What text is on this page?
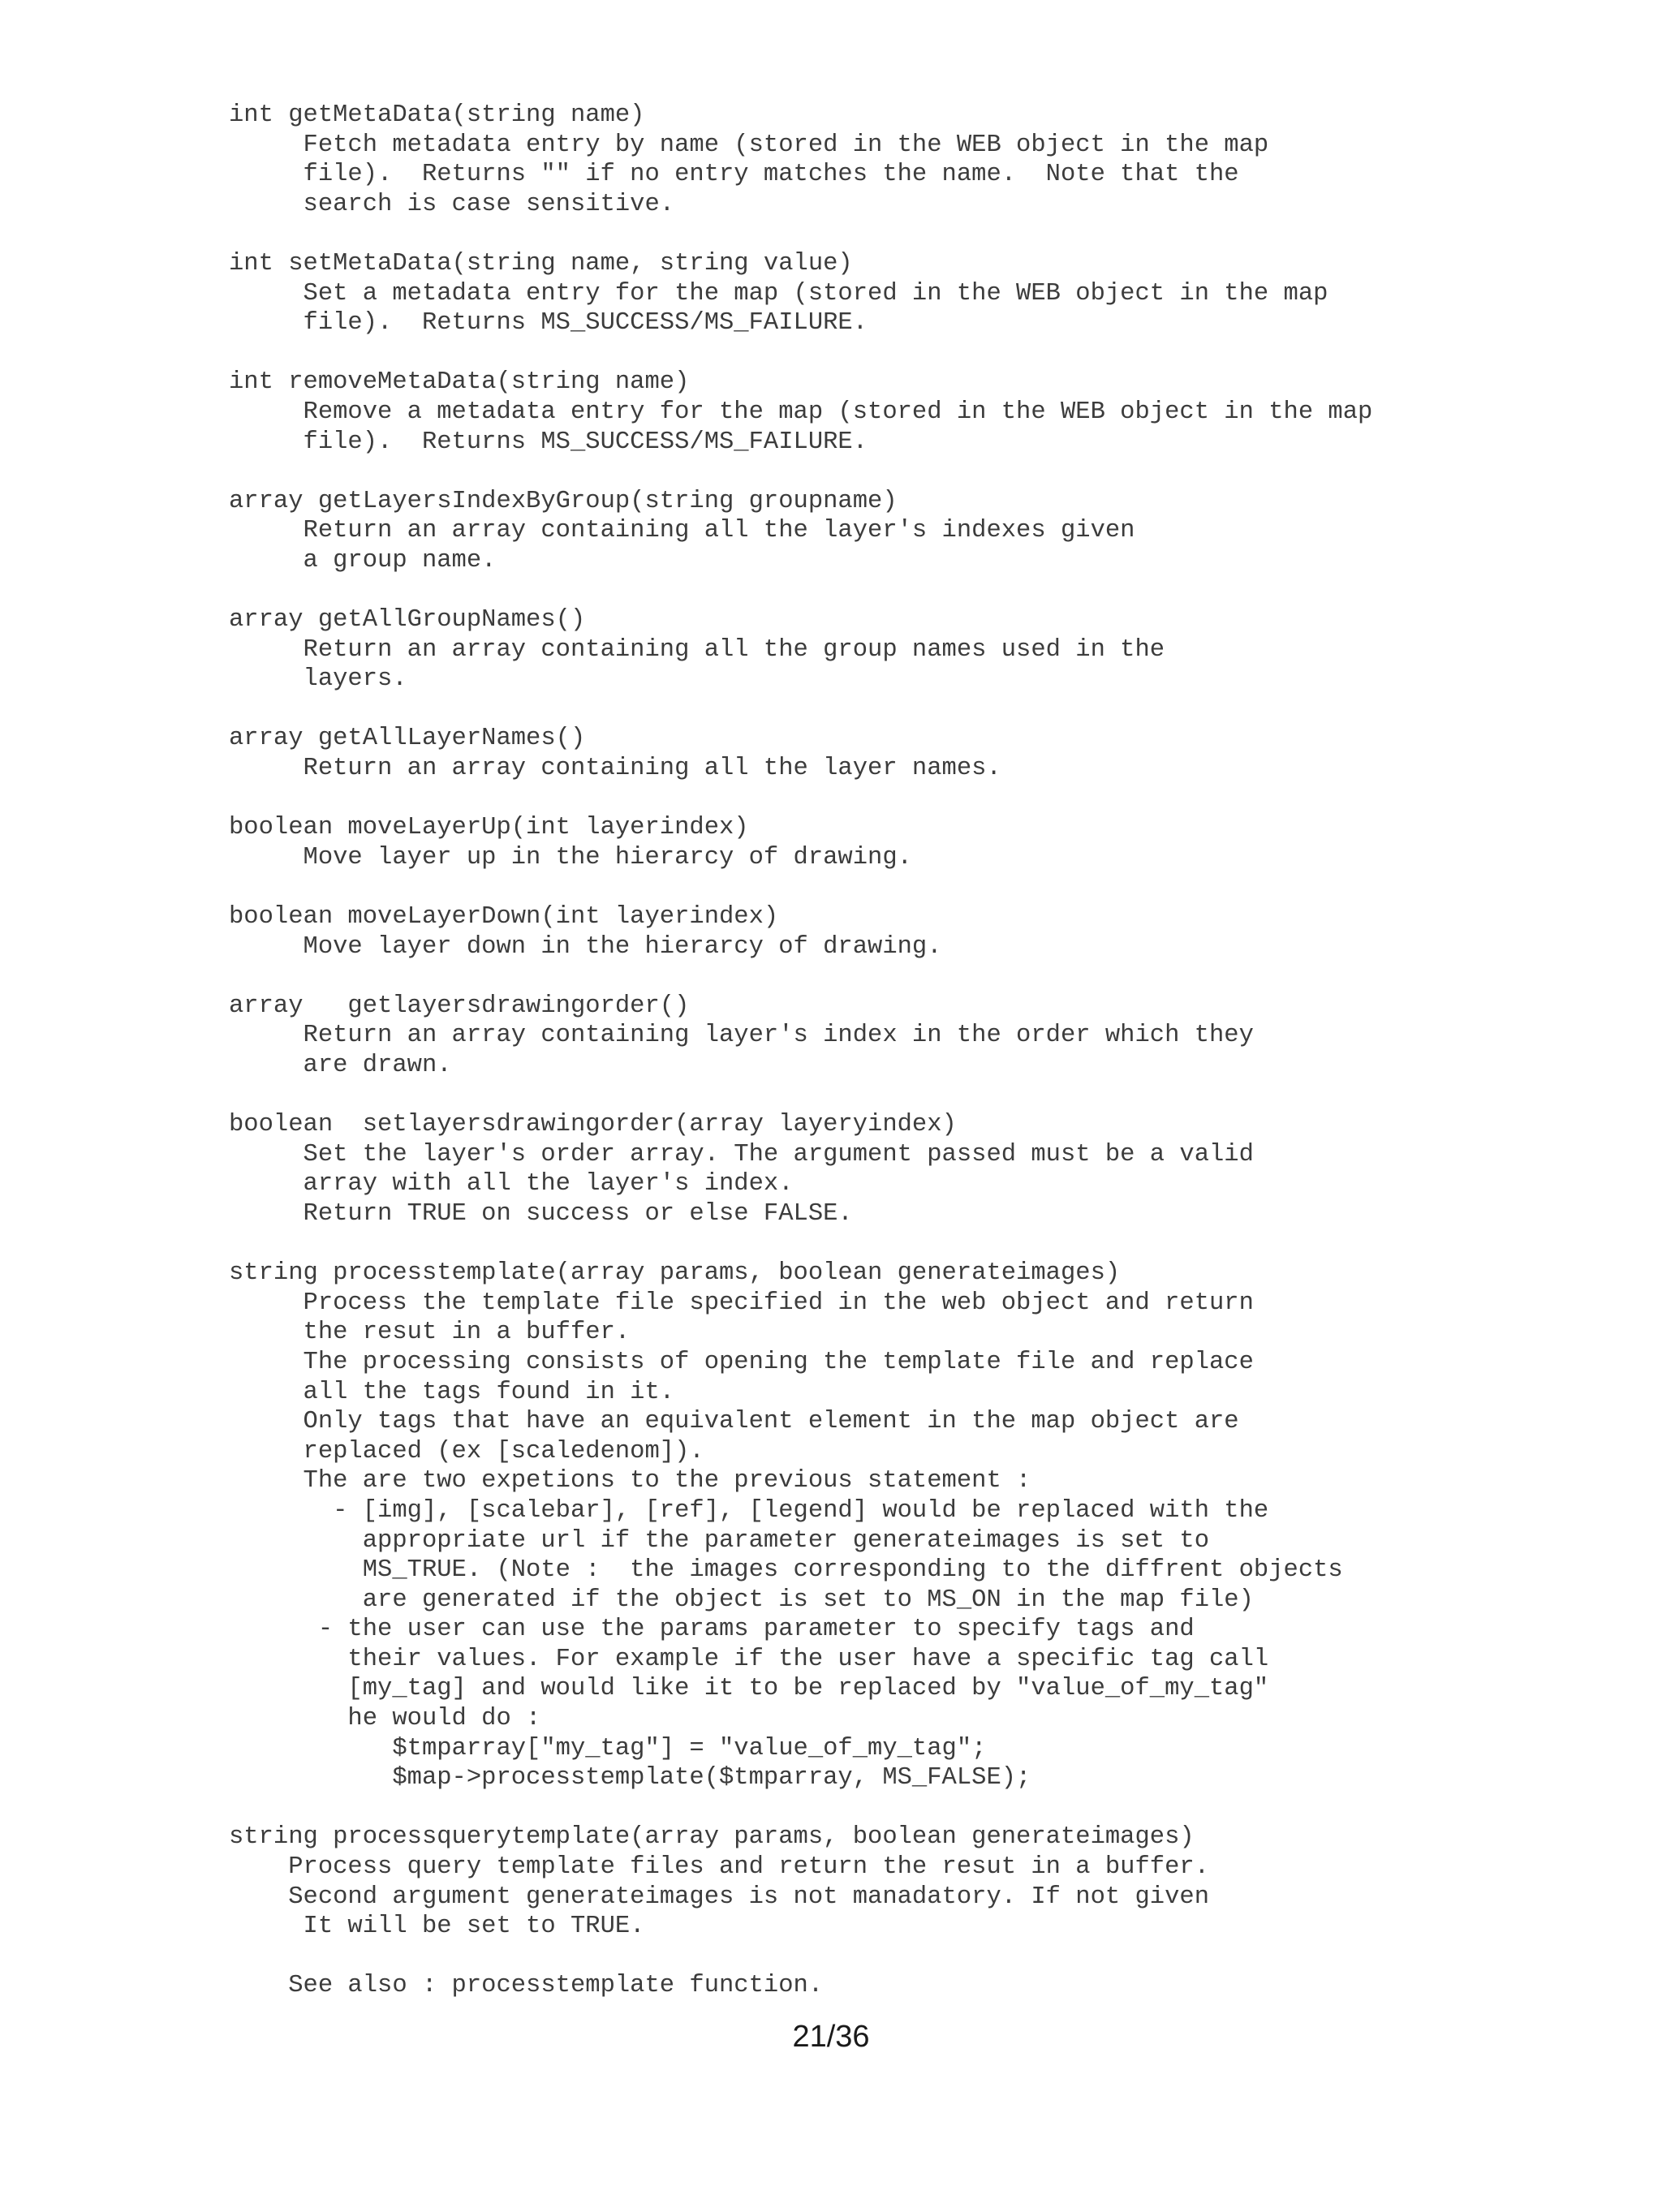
int getMetaData(string name)
Fetch metadata entry by name (stored in the WEB object in the map
file).  Returns "" if no entry matches the name.  Note that the
search is case sensitive.
int setMetaData(string name, string value)
Set a metadata entry for the map (stored in the WEB object in the map
file).  Returns MS_SUCCESS/MS_FAILURE.
int removeMetaData(string name)
Remove a metadata entry for the map (stored in the WEB object in the map
file).  Returns MS_SUCCESS/MS_FAILURE.
array getLayersIndexByGroup(string groupname)
Return an array containing all the layer's indexes given
a group name.
array getAllGroupNames()
Return an array containing all the group names used in the
layers.
array getAllLayerNames()
Return an array containing all the layer names.
boolean moveLayerUp(int layerindex)
Move layer up in the hierarcy of drawing.
boolean moveLayerDown(int layerindex)
Move layer down in the hierarcy of drawing.
array   getlayersdrawingorder()
Return an array containing layer's index in the order which they
are drawn.
boolean  setlayersdrawingorder(array layeryindex)
Set the layer's order array. The argument passed must be a valid
array with all the layer's index.
Return TRUE on success or else FALSE.
string processtemplate(array params, boolean generateimages)
Process the template file specified in the web object and return
the resut in a buffer.
The processing consists of opening the template file and replace
all the tags found in it.
Only tags that have an equivalent element in the map object are
replaced (ex [scaledenom]).
The are two expetions to the previous statement :
- [img], [scalebar], [ref], [legend] would be replaced with the
appropriate url if the parameter generateimages is set to
MS_TRUE. (Note :  the images corresponding to the diffrent objects
are generated if the object is set to MS_ON in the map file)
- the user can use the params parameter to specify tags and
their values. For example if the user have a specific tag call
[my_tag] and would like it to be replaced by "value_of_my_tag"
he would do :
$tmparray["my_tag"] = "value_of_my_tag";
$map->processtemplate($tmparray, MS_FALSE);
string processquerytemplate(array params, boolean generateimages)
Process query template files and return the resut in a buffer.
Second argument generateimages is not manadatory. If not given
It will be set to TRUE.
See also : processtemplate function.
21/36
